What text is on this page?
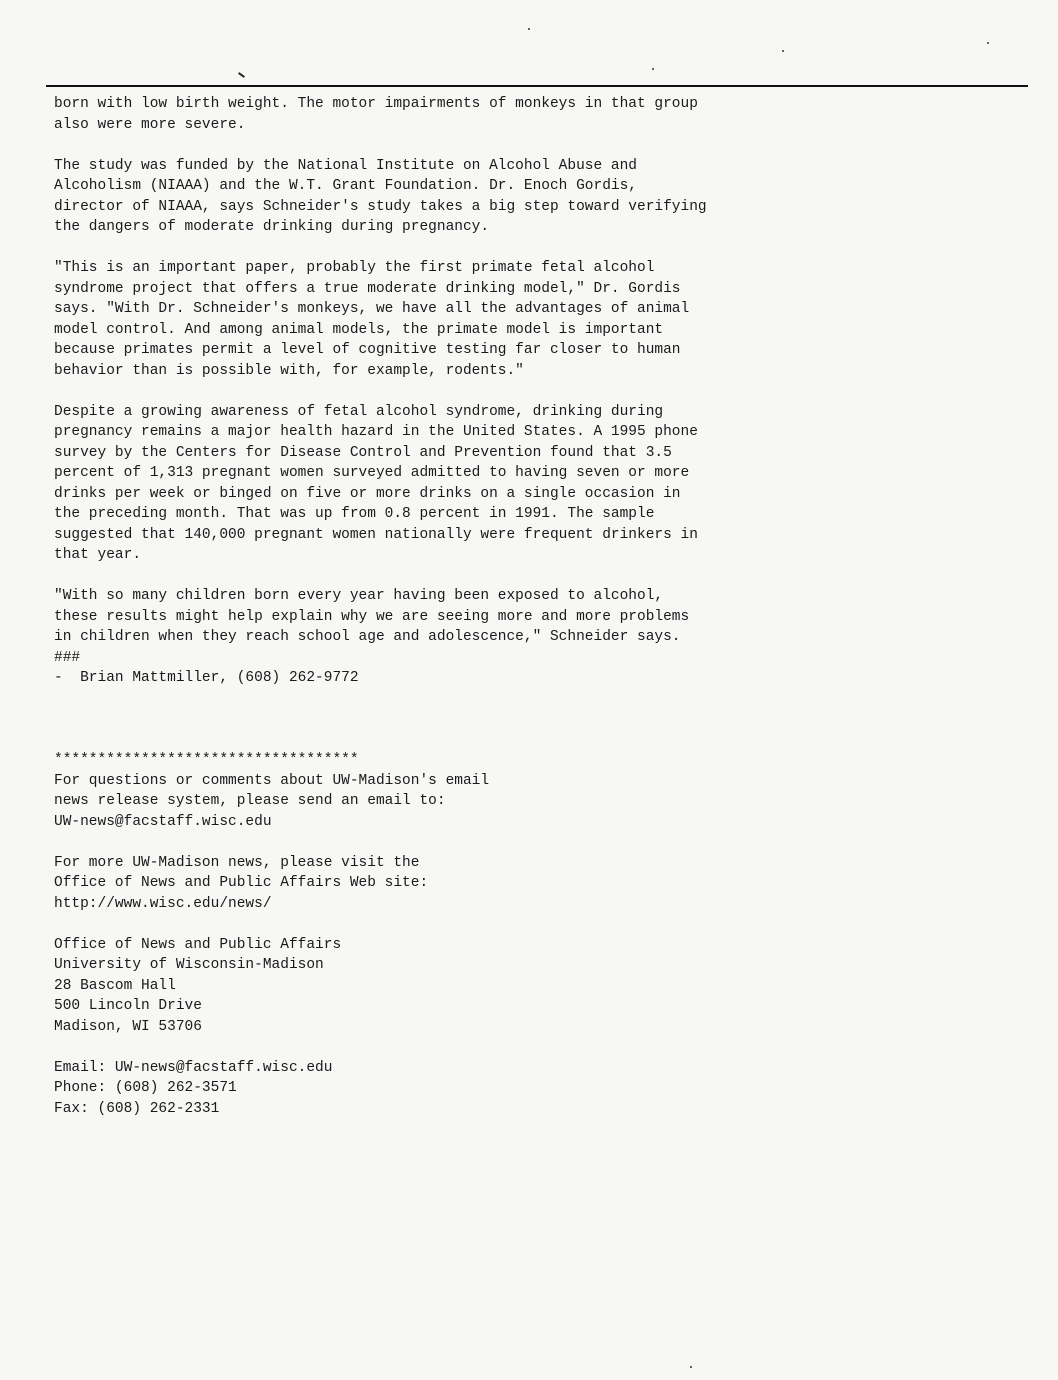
born with low birth weight. The motor impairments of monkeys in that group
also were more severe.
The study was funded by the National Institute on Alcohol Abuse and
Alcoholism (NIAAA) and the W.T. Grant Foundation. Dr. Enoch Gordis,
director of NIAAA, says Schneider's study takes a big step toward verifying
the dangers of moderate drinking during pregnancy.
"This is an important paper, probably the first primate fetal alcohol
syndrome project that offers a true moderate drinking model," Dr. Gordis
says. "With Dr. Schneider's monkeys, we have all the advantages of animal
model control. And among animal models, the primate model is important
because primates permit a level of cognitive testing far closer to human
behavior than is possible with, for example, rodents."
Despite a growing awareness of fetal alcohol syndrome, drinking during
pregnancy remains a major health hazard in the United States. A 1995 phone
survey by the Centers for Disease Control and Prevention found that 3.5
percent of 1,313 pregnant women surveyed admitted to having seven or more
drinks per week or binged on five or more drinks on a single occasion in
the preceding month. That was up from 0.8 percent in 1991. The sample
suggested that 140,000 pregnant women nationally were frequent drinkers in
that year.
"With so many children born every year having been exposed to alcohol,
these results might help explain why we are seeing more and more problems
in children when they reach school age and adolescence," Schneider says.
###
-  Brian Mattmiller, (608) 262-9772
***********************************
For questions or comments about UW-Madison's email
news release system, please send an email to:
UW-news@facstaff.wisc.edu
For more UW-Madison news, please visit the
Office of News and Public Affairs Web site:
http://www.wisc.edu/news/
Office of News and Public Affairs
University of Wisconsin-Madison
28 Bascom Hall
500 Lincoln Drive
Madison, WI 53706
Email: UW-news@facstaff.wisc.edu
Phone: (608) 262-3571
Fax: (608) 262-2331
